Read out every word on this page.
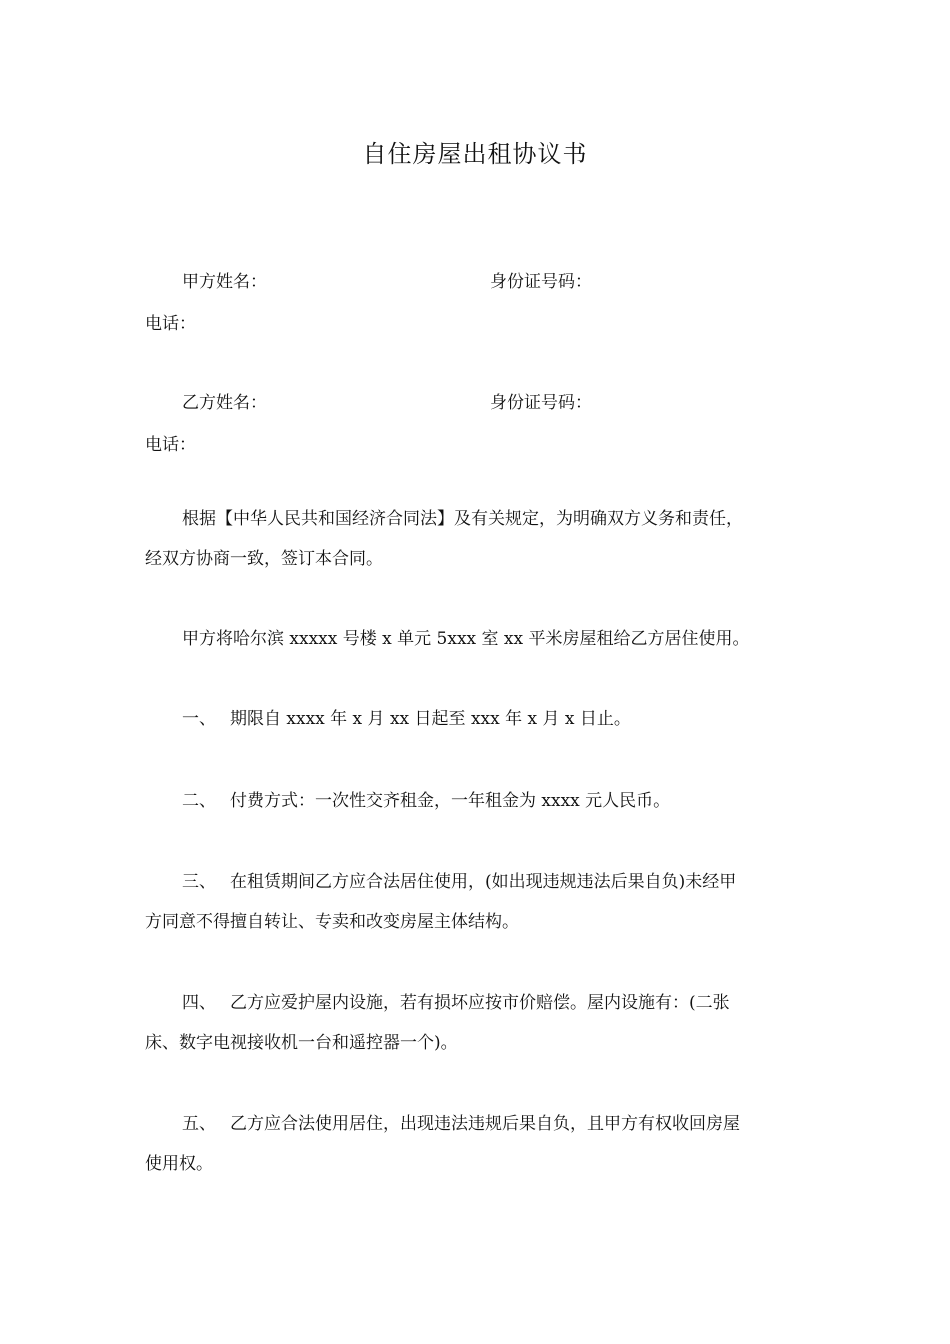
自住房屋出租协议书
甲方姓名：	身份证号码：
电话：
乙方姓名：	身份证号码：
电话：

根据【中华人民共和国经济合同法】及有关规定，为明确双方义务和责任，

经双方协商一致，签订本合同。

甲方将哈尔滨 xxxxx 号楼 x 单元 5xxx 室 xx 平米房屋租给乙方居住使用。

一、 期限自 xxxx 年 x 月 xx 日起至 xxx 年 x 月 x 日止。

二、 付费方式：一次性交齐租金，一年租金为 xxxx 元人民币。

三、 在租赁期间乙方应合法居住使用，(如出现违规违法后果自负)未经甲

方同意不得擅自转让、专卖和改变房屋主体结构。

四、 乙方应爱护屋内设施，若有损坏应按市价赔偿。屋内设施有：(二张

床、数字电视接收机一台和遥控器一个)。

五、 乙方应合法使用居住，出现违法违规后果自负，且甲方有权收回房屋

使用权。
